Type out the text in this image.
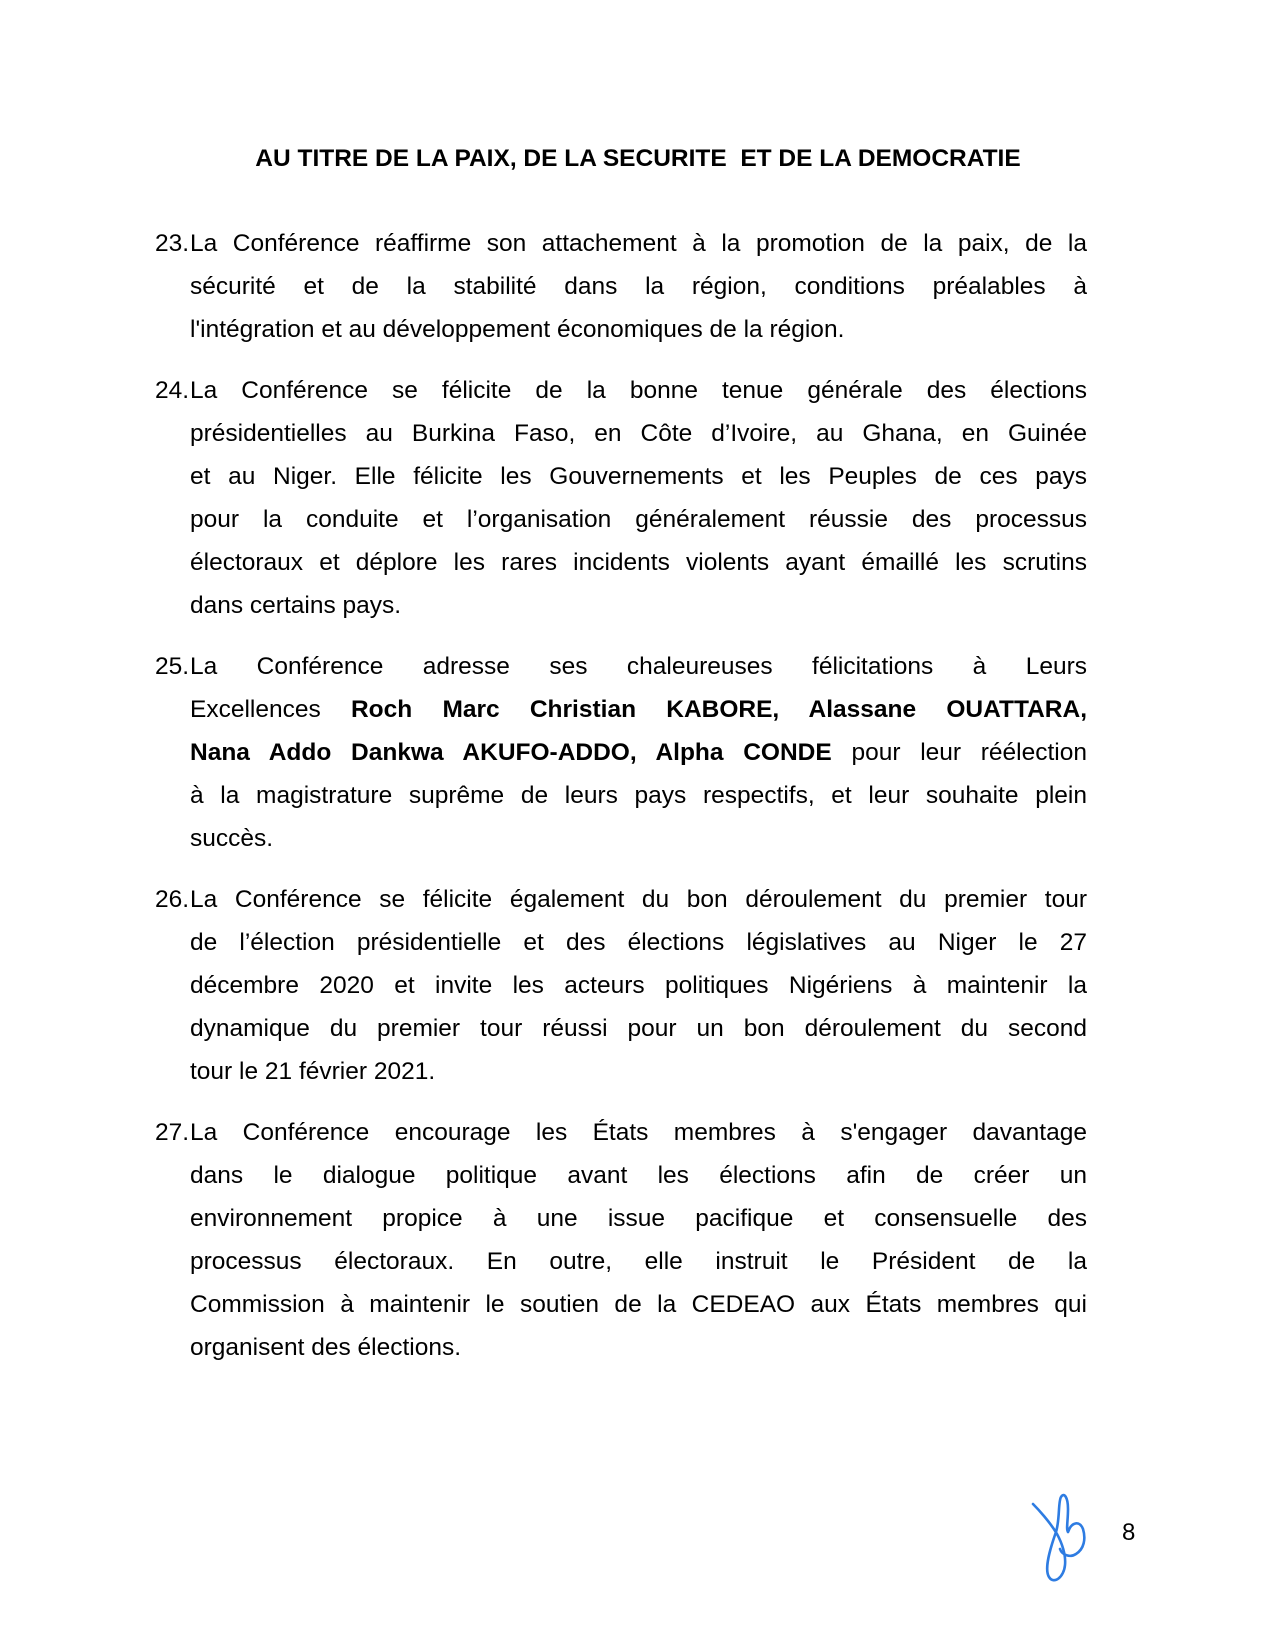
AU TITRE DE LA PAIX, DE LA SECURITE  ET DE LA DEMOCRATIE
23. La Conférence réaffirme son attachement à la promotion de la paix, de la
sécurité et de la stabilité dans la région, conditions préalables à
l'intégration et au développement économiques de la région.
24. La Conférence se félicite de la bonne tenue générale des élections
présidentielles au Burkina Faso, en Côte d’Ivoire, au Ghana, en Guinée
et au Niger. Elle félicite les Gouvernements et les Peuples de ces pays
pour la conduite et l’organisation généralement réussie des processus
électoraux et déplore les rares incidents violents ayant émaillé les scrutins
dans certains pays.
25. La Conférence adresse ses chaleureuses félicitations à Leurs
Excellences Roch Marc Christian KABORE, Alassane OUATTARA,
Nana Addo Dankwa AKUFO-ADDO, Alpha CONDE pour leur réélection
à la magistrature suprême de leurs pays respectifs, et leur souhaite plein
succès.
26. La Conférence se félicite également du bon déroulement du premier tour
de l’élection présidentielle et des élections législatives au Niger le 27
décembre 2020 et invite les acteurs politiques Nigériens à maintenir la
dynamique du premier tour réussi pour un bon déroulement du second
tour le 21 février 2021.
27. La Conférence encourage les États membres à s'engager davantage
dans le dialogue politique avant les élections afin de créer un
environnement propice à une issue pacifique et consensuelle des
processus électoraux. En outre, elle instruit le Président de la
Commission à maintenir le soutien de la CEDEAO aux États membres qui
organisent des élections.
8
